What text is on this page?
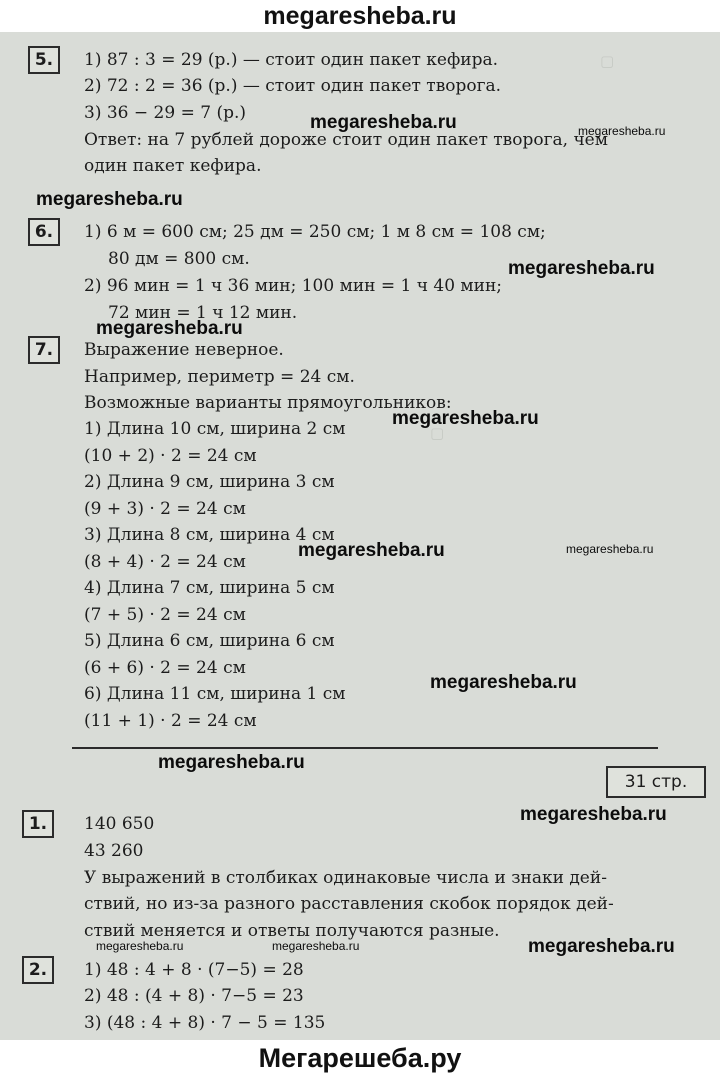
megaresheba.ru
▢
▢
5.	1) 87 : 3 = 29 (р.) — стоит один пакет кефира.
2) 72 : 2 = 36 (р.) — стоит один пакет творога.
3) 36 − 29 = 7 (р.)
Ответ: на 7 рублей дороже стоит один пакет творога, чем
один пакет кефира.
6.	1) 6 м = 600 см; 25 дм = 250 см; 1 м 8 см = 108 см;
80 дм = 800 см.
2) 96 мин = 1 ч 36 мин; 100 мин = 1 ч 40 мин;
72 мин = 1 ч 12 мин.
7.	Выражение неверное.
Например, периметр = 24 см.
Возможные варианты прямоугольников:
1) Длина 10 см, ширина 2 см
(10 + 2) · 2 = 24 см
2) Длина 9 см, ширина 3 см
(9 + 3) · 2 = 24 см
3) Длина 8 см, ширина 4 см
(8 + 4) · 2 = 24 см
4) Длина 7 см, ширина 5 см
(7 + 5) · 2 = 24 см
5) Длина 6 см, ширина 6 см
(6 + 6) · 2 = 24 см
6) Длина 11 см, ширина 1 см
(11 + 1) · 2 = 24 см
31 стр.
1.	140 650
43 260
У выражений в столбиках одинаковые числа и знаки дей-
ствий, но из-за разного расставления скобок порядок дей-
ствий меняется и ответы получаются разные.
2.	1) 48 : 4 + 8 · (7−5) = 28
2) 48 : (4 + 8) · 7−5 = 23
3) (48 : 4 + 8) · 7 − 5 = 135
megaresheba.ru	megaresheba.ru
megaresheba.ru
megaresheba.ru
megaresheba.ru
megaresheba.ru
megaresheba.ru	megaresheba.ru
megaresheba.ru
megaresheba.ru
megaresheba.ru
megaresheba.ru	megaresheba.ru	megaresheba.ru
Мегарешеба.ру
